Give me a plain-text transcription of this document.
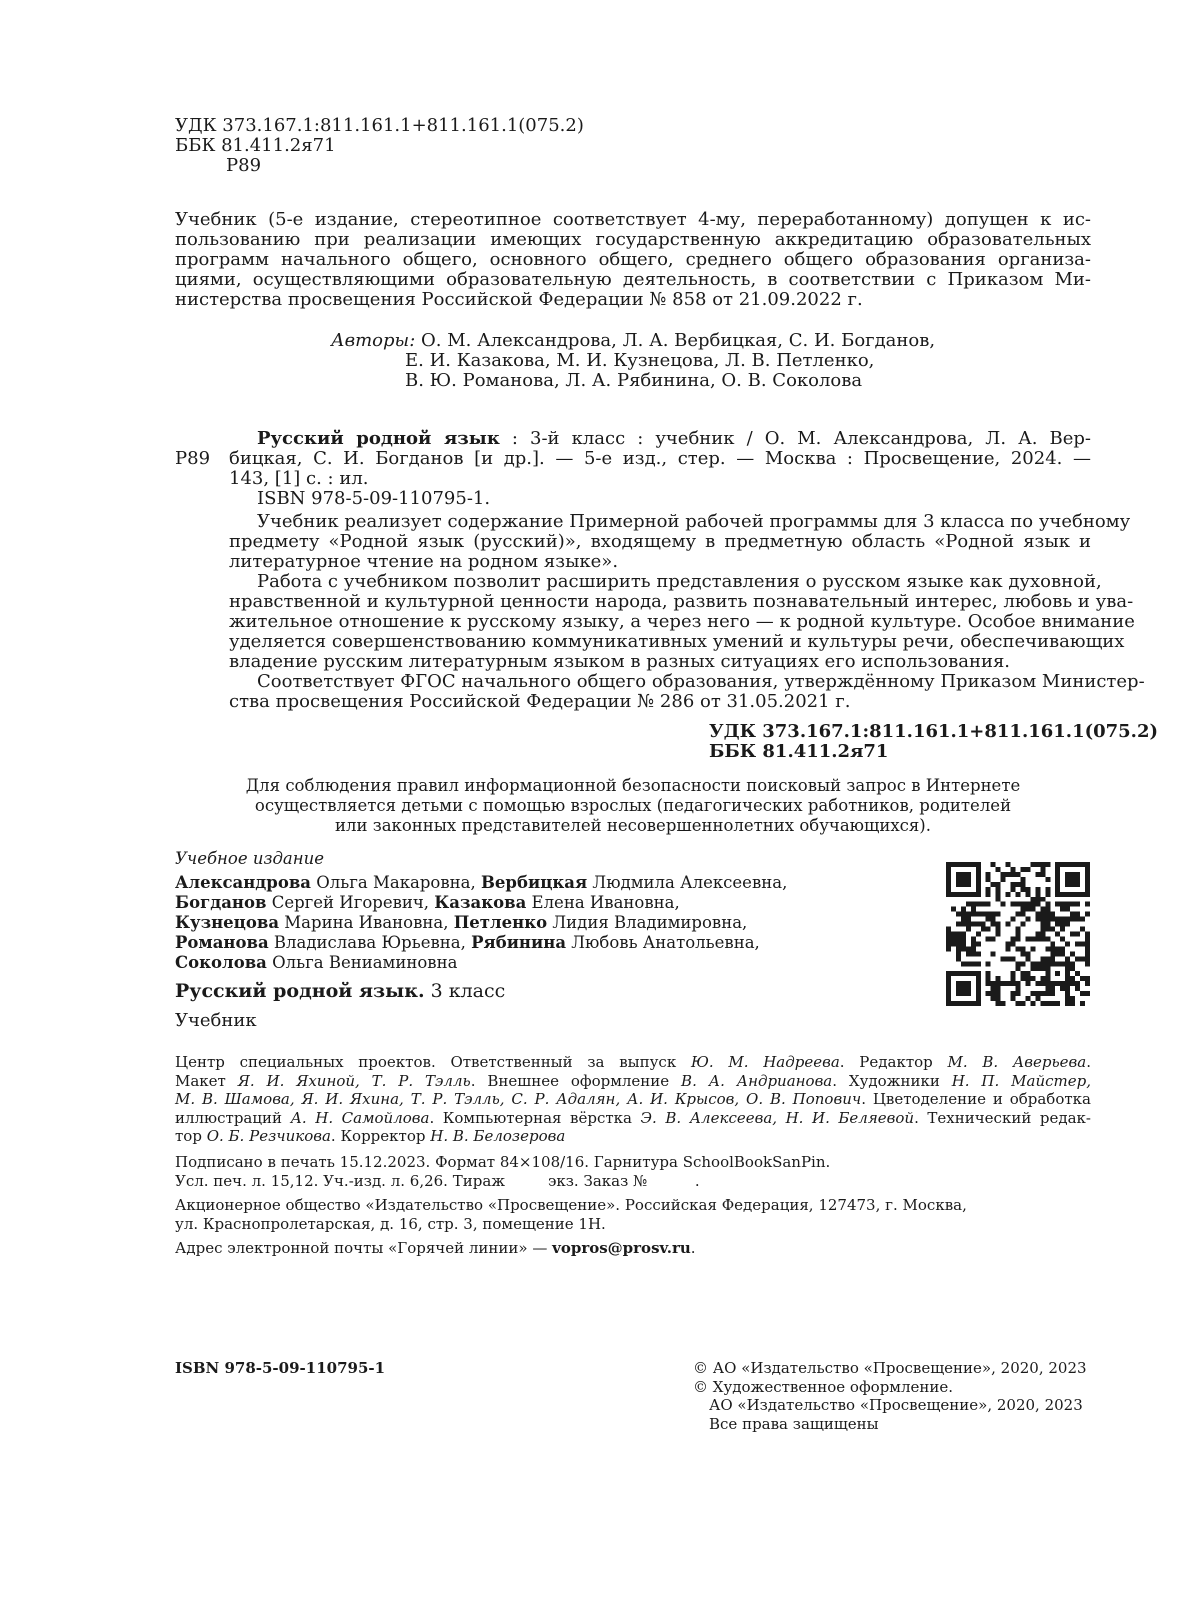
УДК 373.167.1:811.161.1+811.161.1(075.2)
ББК 81.411.2я71
Р89
Учебник (5-е издание, стереотипное соответствует 4-му, переработанному) допущен к ис-
пользованию при реализации имеющих государственную аккредитацию образовательных
программ начального общего, основного общего, среднего общего образования организа-
циями, осуществляющими образовательную деятельность, в соответствии с Приказом Ми-
нистерства просвещения Российской Федерации № 858 от 21.09.2022 г.
Авторы: О. М. Александрова, Л. А. Вербицкая, С. И. Богданов,
Е. И. Казакова, М. И. Кузнецова, Л. В. Петленко,
В. Ю. Романова, Л. А. Рябинина, О. В. Соколова
Р89
Русский родной язык : 3-й класс : учебник / О. М. Александрова, Л. А. Вер-
бицкая, С. И. Богданов [и др.]. — 5-е изд., стер. — Москва : Просвещение, 2024. —
143, [1] с. : ил.
ISBN 978-5-09-110795-1.
Учебник реализует содержание Примерной рабочей программы для 3 класса по учебному
предмету «Родной язык (русский)», входящему в предметную область «Родной язык и
литературное чтение на родном языке».
Работа с учебником позволит расширить представления о русском языке как духовной,
нравственной и культурной ценности народа, развить познавательный интерес, любовь и ува-
жительное отношение к русскому языку, а через него — к родной культуре. Особое внимание
уделяется совершенствованию коммуникативных умений и культуры речи, обеспечивающих
владение русским литературным языком в разных ситуациях его использования.
Соответствует ФГОС начального общего образования, утверждённому Приказом Министер-
ства просвещения Российской Федерации № 286 от 31.05.2021 г.
УДК 373.167.1:811.161.1+811.161.1(075.2)
ББК 81.411.2я71
Для соблюдения правил информационной безопасности поисковый запрос в Интернете
осуществляется детьми с помощью взрослых (педагогических работников, родителей
или законных представителей несовершеннолетних обучающихся).
Учебное издание
Александрова Ольга Макаровна, Вербицкая Людмила Алексеевна,
Богданов Сергей Игоревич, Казакова Елена Ивановна,
Кузнецова Марина Ивановна, Петленко Лидия Владимировна,
Романова Владислава Юрьевна, Рябинина Любовь Анатольевна,
Соколова Ольга Вениаминовна
Русский родной язык. 3 класс
Учебник
Центр специальных проектов. Ответственный за выпуск Ю. М. Надреева. Редактор М. В. Аверьева.
Макет Я. И. Яхиной, Т. Р. Тэлль. Внешнее оформление В. А. Андрианова. Художники Н. П. Майстер,
М. В. Шамова, Я. И. Яхина, Т. Р. Тэлль, С. Р. Адалян, А. И. Крысов, О. В. Попович. Цветоделение и обработка
иллюстраций А. Н. Самойлова. Компьютерная вёрстка Э. В. Алексеева, Н. И. Беляевой. Технический редак-
тор О. Б. Резчикова. Корректор Н. В. Белозерова
Подписано в печать 15.12.2023. Формат 84×108/16. Гарнитура SchoolBookSanPin.
Усл. печ. л. 15,12. Уч.-изд. л. 6,26. Тираж         экз. Заказ №          .
Акционерное общество «Издательство «Просвещение». Российская Федерация, 127473, г. Москва,
ул. Краснопролетарская, д. 16, стр. 3, помещение 1Н.
Адрес электронной почты «Горячей линии» — vopros@prosv.ru.
ISBN 978-5-09-110795-1	© АО «Издательство «Просвещение», 2020, 2023
© Художественное оформление.
АО «Издательство «Просвещение», 2020, 2023
Все права защищены
